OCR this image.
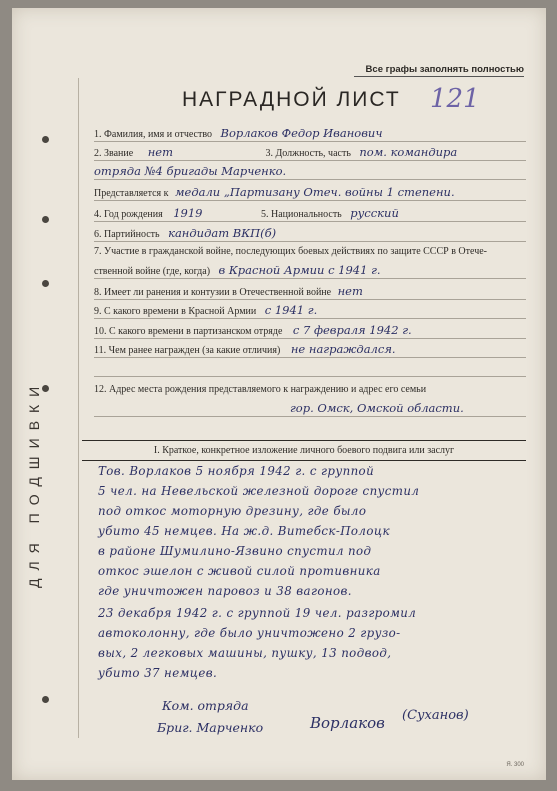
ДЛЯ ПОДШИВКИ
Все графы заполнять полностью
НАГРАДНОЙ ЛИСТ 121
1. Фамилия, имя и отчество Ворлаков Федор Иванович
2. Звание нет	3. Должность, часть пом. командира
отряда №4 бригады Марченко.
Представляется к медали „Партизану Отеч. войны 1 степени.
4. Год рождения 1919	5. Национальность русский
6. Партийность кандидат ВКП(б)
7. Участие в гражданской войне, последующих боевых действиях по защите СССР в Отече-
ственной войне (где, когда) в Красной Армии с 1941 г.
8. Имеет ли ранения и контузии в Отечественной войне нет
9. С какого времени в Красной Армии с 1941 г.
10. С какого времени в партизанском отряде с 7 февраля 1942 г.
11. Чем ранее награжден (за какие отличия) не награждался.

12. Адрес места рождения представляемого к награждению и адрес его семьи
гор. Омск, Омской области.
I. Краткое, конкретное изложение личного боевого подвига или заслуг
Тов. Ворлаков 5 ноября 1942 г. с группой
5 чел. на Невельской железной дороге спустил
под откос моторную дрезину, где было
убито 45 немцев. На ж.д. Витебск-Полоцк
в районе Шумилино-Язвино спустил под
откос эшелон с живой силой противника
где уничтожен паровоз и 38 вагонов.
23 декабря 1942 г. с группой 19 чел. разгромил
автоколонну, где было уничтожено 2 грузо-
вых, 2 легковых машины, пушку, 13 подвод,
убито 37 немцев.
Ком. отряда
Бриг. Марченко	Ворлаков (Суханов)
Я. 300
